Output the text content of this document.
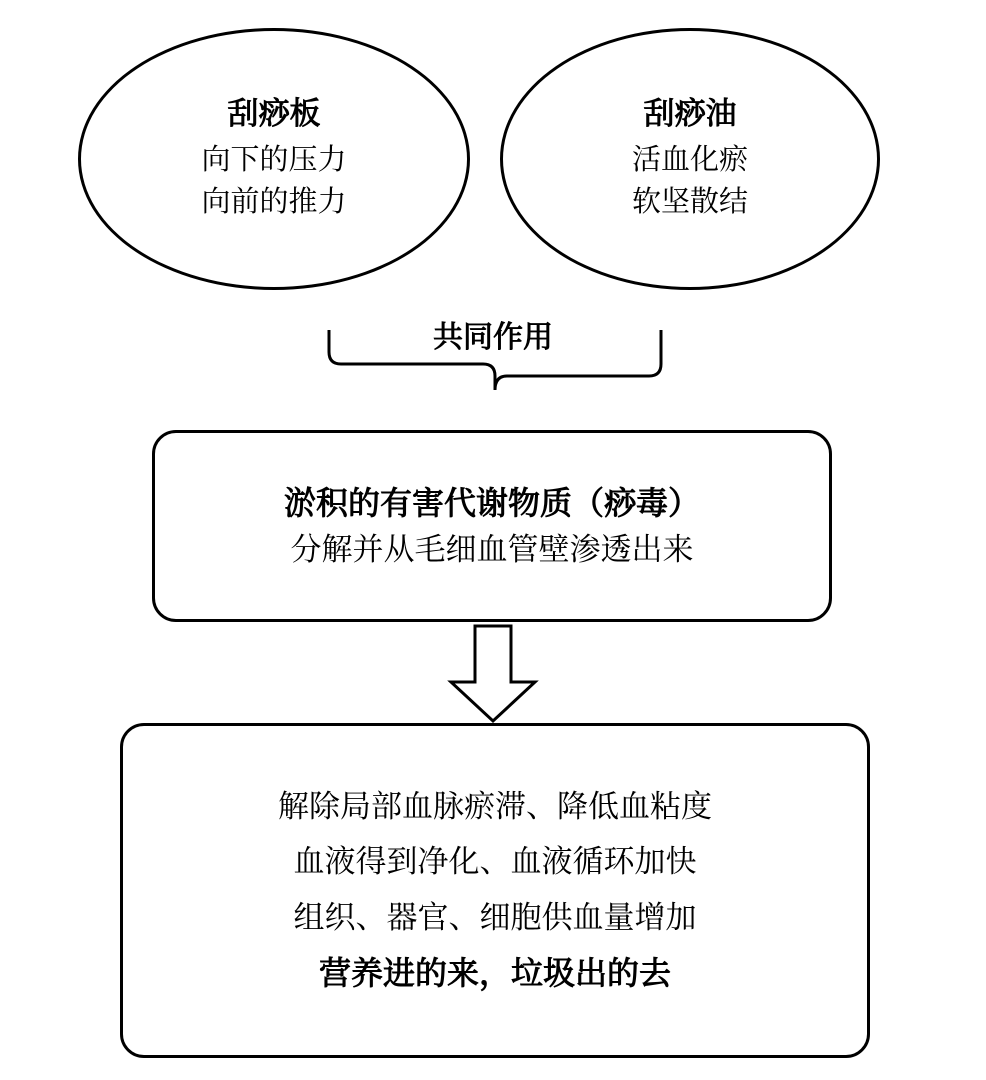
刮痧板
向下的压力
向前的推力
刮痧油
活血化瘀
软坚散结
共同作用
淤积的有害代谢物质（痧毒）
分解并从毛细血管壁渗透出来
解除局部血脉瘀滞、降低血粘度
血液得到净化、血液循环加快
组织、器官、细胞供血量增加
营养进的来，垃圾出的去
